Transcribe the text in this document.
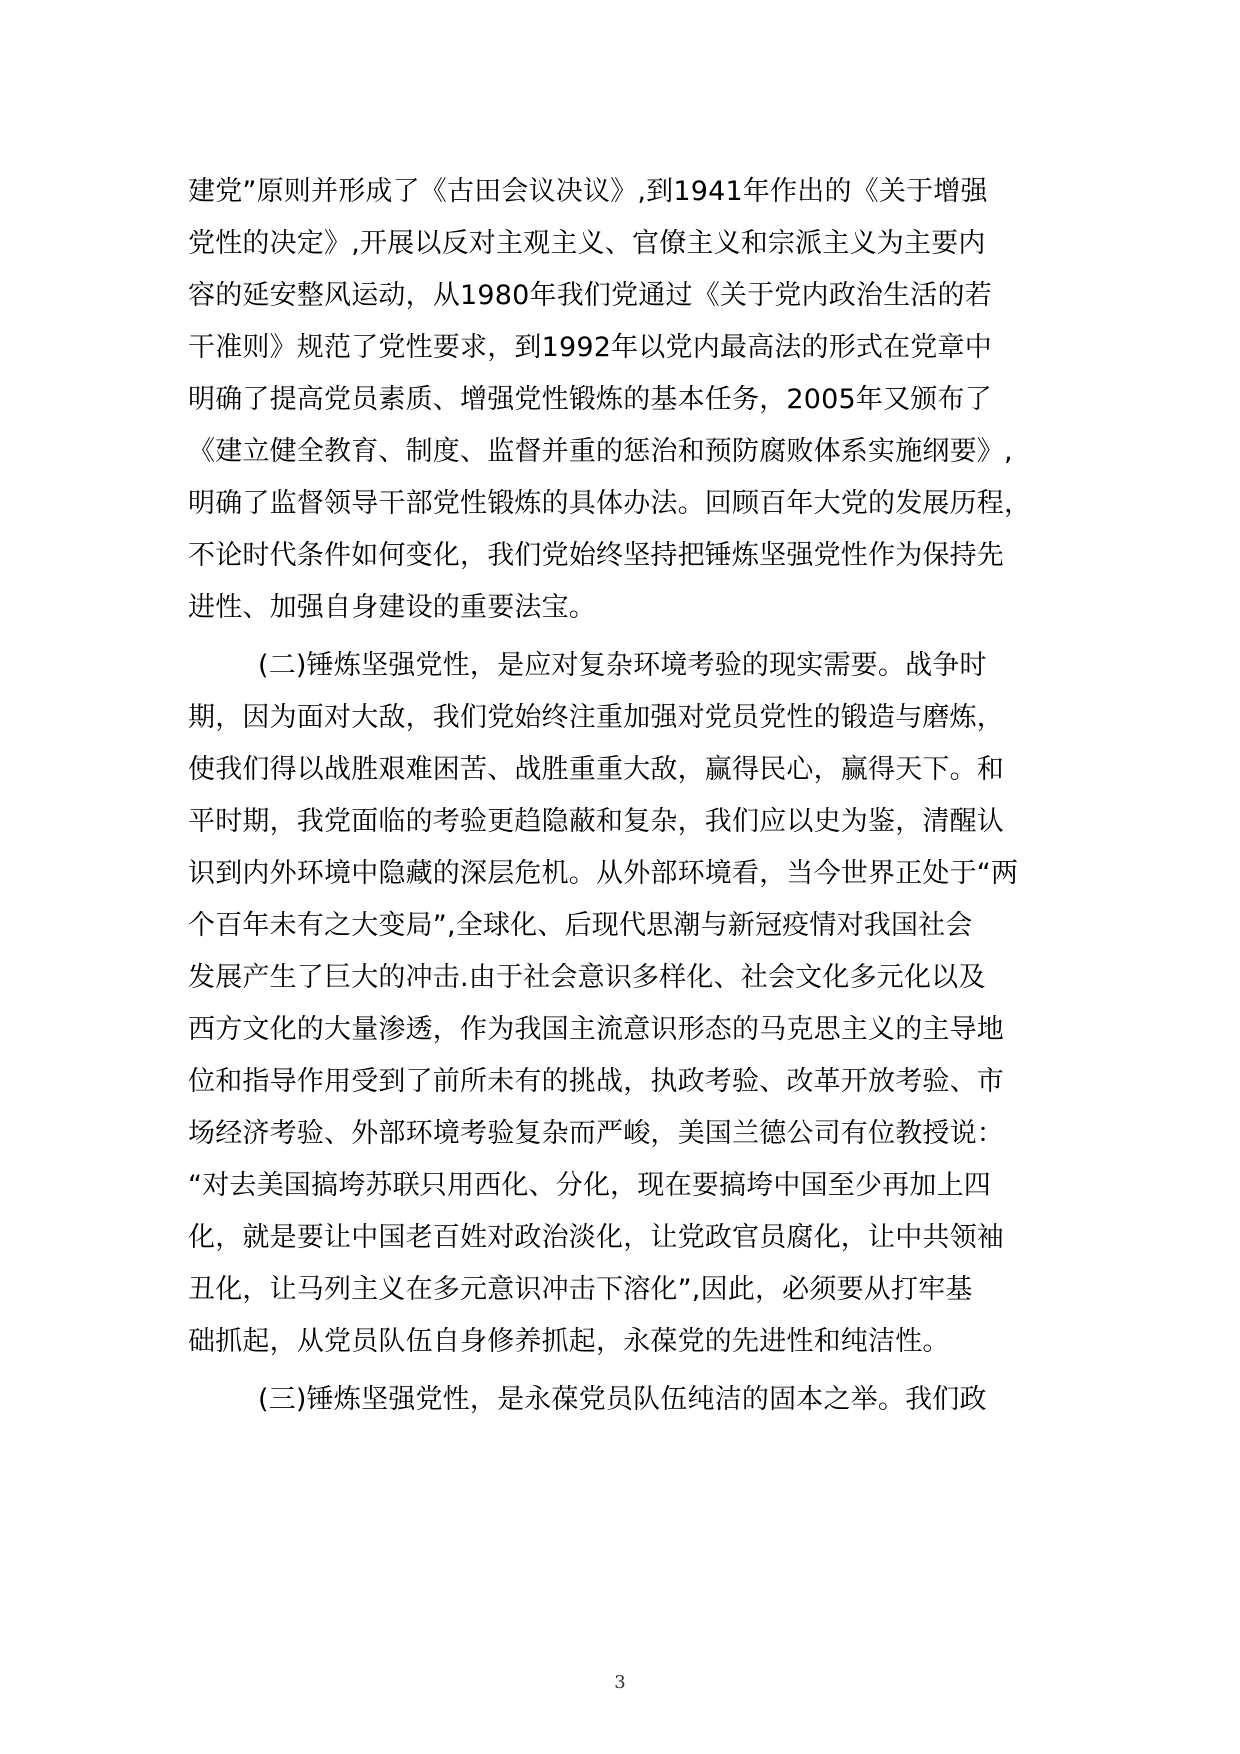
建党”原则并形成了《古田会议决议》,到1941年作出的《关于增强
党性的决定》,开展以反对主观主义、官僚主义和宗派主义为主要内
容的延安整风运动，从1980年我们党通过《关于党内政治生活的若
干准则》规范了党性要求，到1992年以党内最高法的形式在党章中
明确了提高党员素质、增强党性锻炼的基本任务，2005年又颁布了
《建立健全教育、制度、监督并重的惩治和预防腐败体系实施纲要》,
明确了监督领导干部党性锻炼的具体办法。回顾百年大党的发展历程，
不论时代条件如何变化，我们党始终坚持把锤炼坚强党性作为保持先
进性、加强自身建设的重要法宝。
(二)锤炼坚强党性，是应对复杂环境考验的现实需要。战争时
期，因为面对大敌，我们党始终注重加强对党员党性的锻造与磨炼，
使我们得以战胜艰难困苦、战胜重重大敌，赢得民心，赢得天下。和
平时期，我党面临的考验更趋隐蔽和复杂，我们应以史为鉴，清醒认
识到内外环境中隐藏的深层危机。从外部环境看，当今世界正处于“两
个百年未有之大变局”,全球化、后现代思潮与新冠疫情对我国社会
发展产生了巨大的冲击.由于社会意识多样化、社会文化多元化以及
西方文化的大量渗透，作为我国主流意识形态的马克思主义的主导地
位和指导作用受到了前所未有的挑战，执政考验、改革开放考验、市
场经济考验、外部环境考验复杂而严峻，美国兰德公司有位教授说：
“对去美国搞垮苏联只用西化、分化，现在要搞垮中国至少再加上四
化，就是要让中国老百姓对政治淡化，让党政官员腐化，让中共领袖
丑化，让马列主义在多元意识冲击下溶化”,因此，必须要从打牢基
础抓起，从党员队伍自身修养抓起，永葆党的先进性和纯洁性。
(三)锤炼坚强党性，是永葆党员队伍纯洁的固本之举。我们政
3
